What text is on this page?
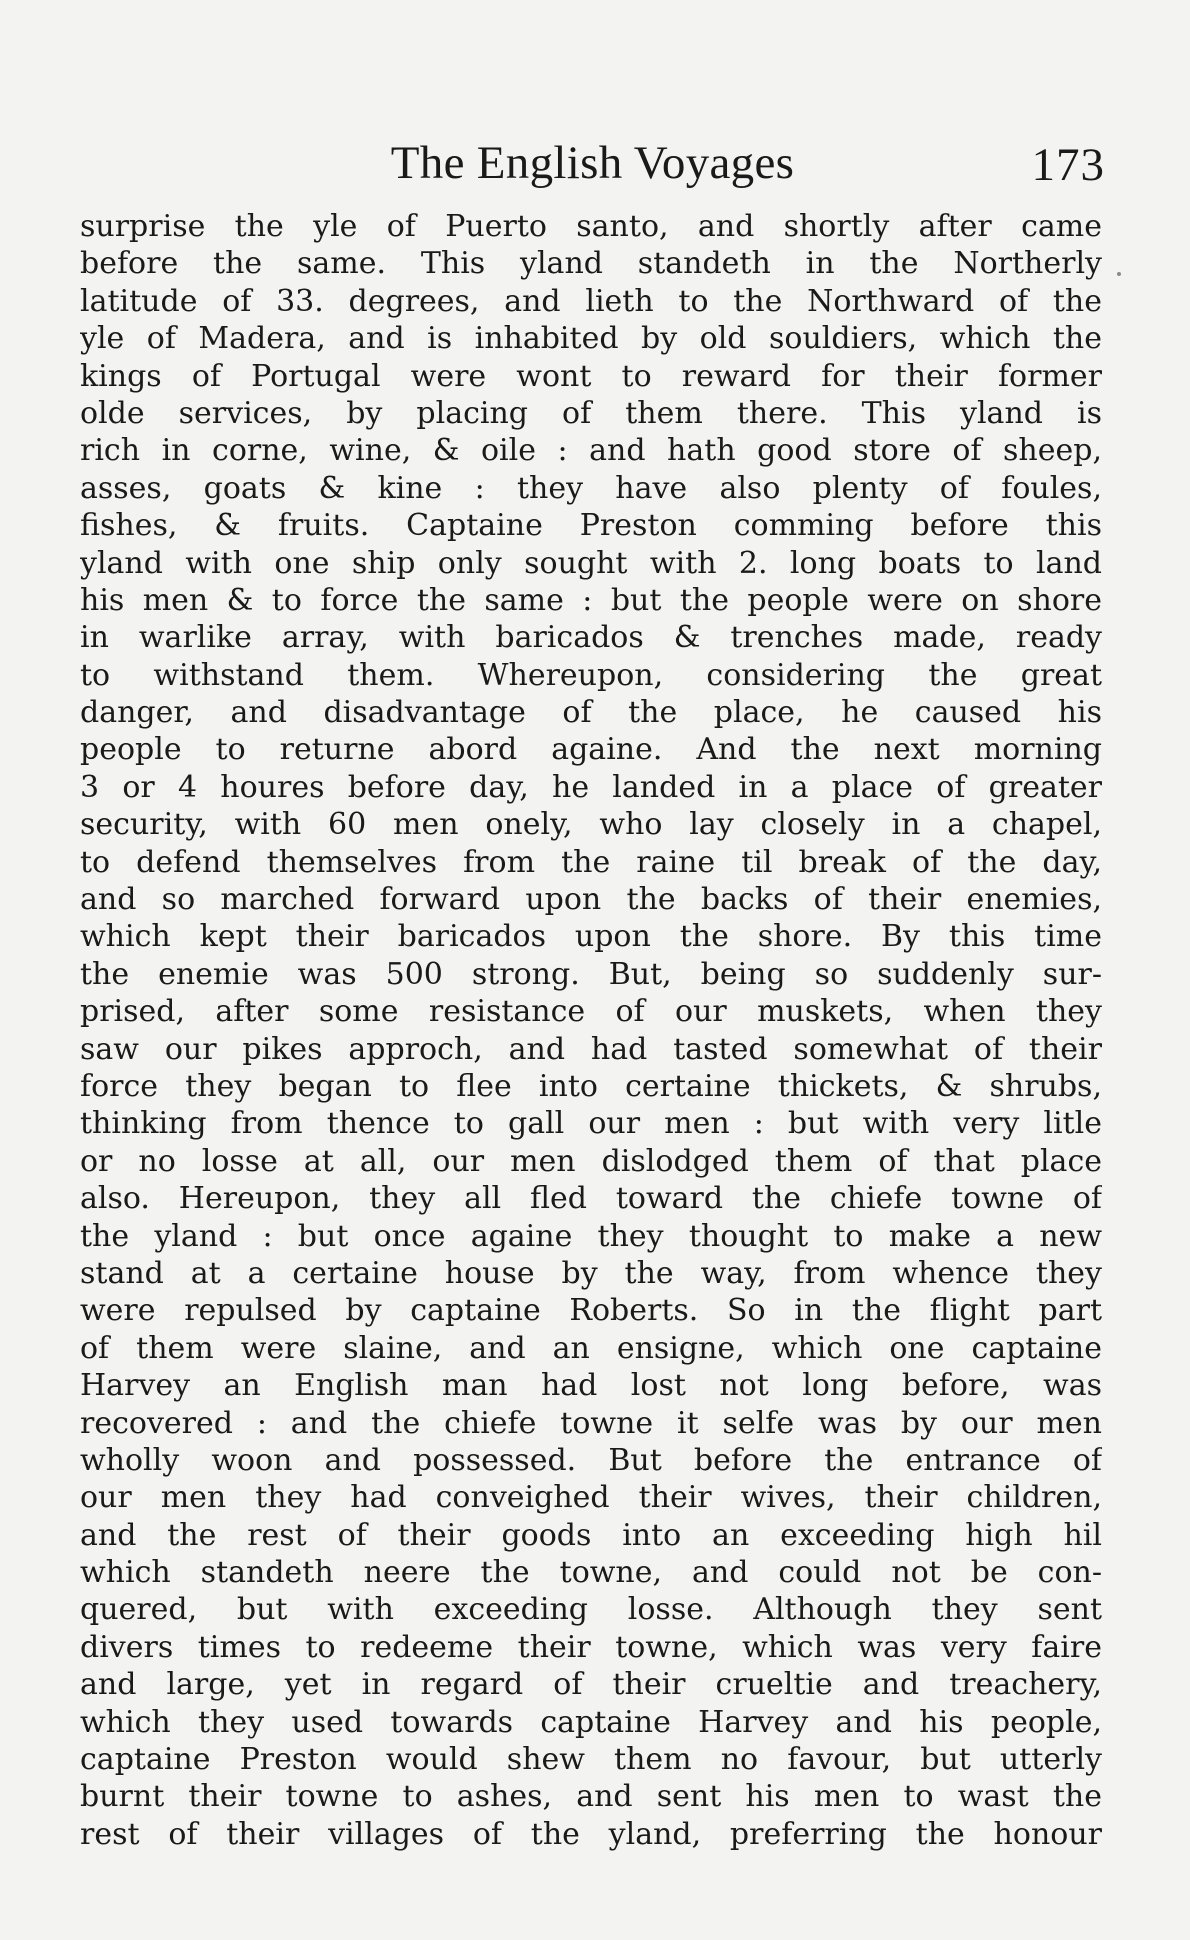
The English Voyages	173
surprise the yle of Puerto santo, and shortly after came
before the same. This yland standeth in the Northerly
latitude of 33. degrees, and lieth to the Northward of the
yle of Madera, and is inhabited by old souldiers, which the
kings of Portugal were wont to reward for their former
olde services, by placing of them there. This yland is
rich in corne, wine, & oile : and hath good store of sheep,
asses, goats & kine : they have also plenty of foules,
fishes, & fruits. Captaine Preston comming before this
yland with one ship only sought with 2. long boats to land
his men & to force the same : but the people were on shore
in warlike array, with baricados & trenches made, ready
to withstand them. Whereupon, considering the great
danger, and disadvantage of the place, he caused his
people to returne abord againe. And the next morning
3 or 4 houres before day, he landed in a place of greater
security, with 60 men onely, who lay closely in a chapel,
to defend themselves from the raine til break of the day,
and so marched forward upon the backs of their enemies,
which kept their baricados upon the shore. By this time
the enemie was 500 strong. But, being so suddenly sur-
prised, after some resistance of our muskets, when they
saw our pikes approch, and had tasted somewhat of their
force they began to flee into certaine thickets, & shrubs,
thinking from thence to gall our men : but with very litle
or no losse at all, our men dislodged them of that place
also. Hereupon, they all fled toward the chiefe towne of
the yland : but once againe they thought to make a new
stand at a certaine house by the way, from whence they
were repulsed by captaine Roberts. So in the flight part
of them were slaine, and an ensigne, which one captaine
Harvey an English man had lost not long before, was
recovered : and the chiefe towne it selfe was by our men
wholly woon and possessed. But before the entrance of
our men they had conveighed their wives, their children,
and the rest of their goods into an exceeding high hil
which standeth neere the towne, and could not be con-
quered, but with exceeding losse. Although they sent
divers times to redeeme their towne, which was very faire
and large, yet in regard of their crueltie and treachery,
which they used towards captaine Harvey and his people,
captaine Preston would shew them no favour, but utterly
burnt their towne to ashes, and sent his men to wast the
rest of their villages of the yland, preferring the honour
